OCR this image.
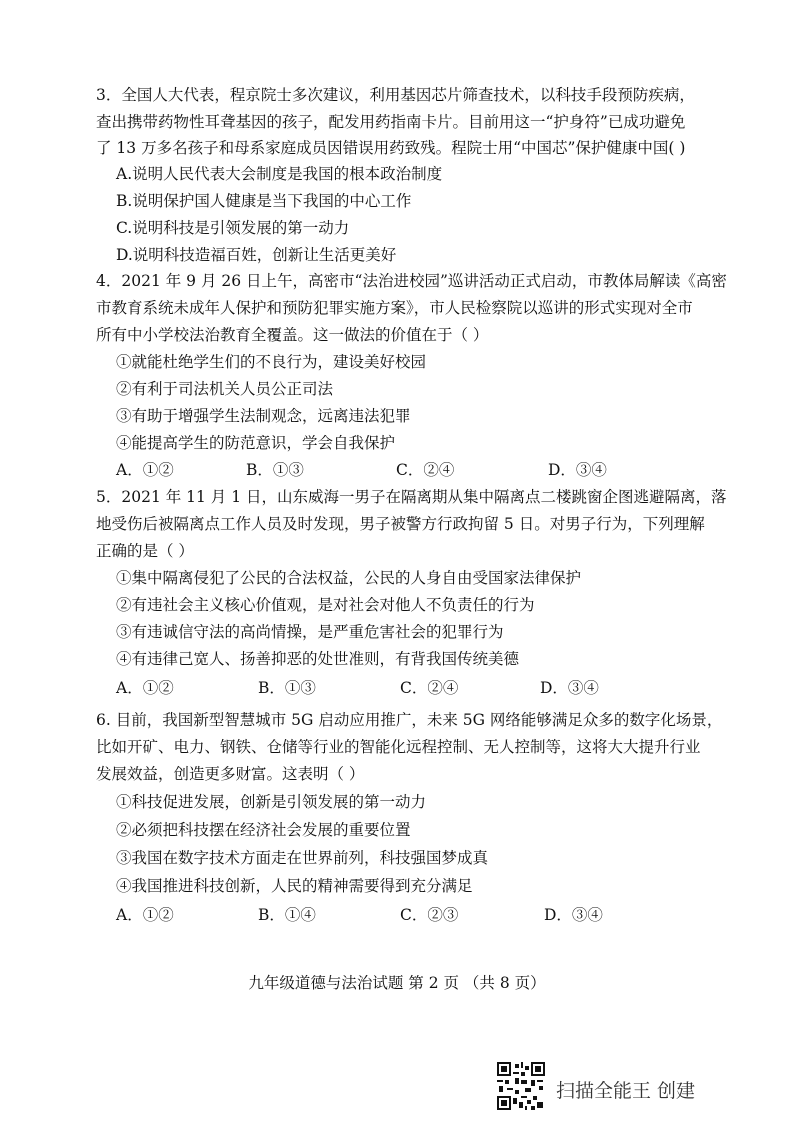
3．全国人大代表，程京院士多次建议，利用基因芯片筛查技术，以科技手段预防疾病，
查出携带药物性耳聋基因的孩子，配发用药指南卡片。目前用这一“护身符”已成功避免
了 13 万多名孩子和母系家庭成员因错误用药致残。程院士用“中国芯”保护健康中国( )
A.说明人民代表大会制度是我国的根本政治制度
B.说明保护国人健康是当下我国的中心工作
C.说明科技是引领发展的第一动力
D.说明科技造福百姓，创新让生活更美好
4．2021 年 9 月 26 日上午，高密市“法治进校园”巡讲活动正式启动，市教体局解读《高密
市教育系统未成年人保护和预防犯罪实施方案》，市人民检察院以巡讲的形式实现对全市
所有中小学校法治教育全覆盖。这一做法的价值在于（ ）
①就能杜绝学生们的不良行为，建设美好校园
②有利于司法机关人员公正司法
③有助于增强学生法制观念，远离违法犯罪
④能提高学生的防范意识，学会自我保护
A．①②	B．①③	C．②④	D．③④
5．2021 年 11 月 1 日，山东威海一男子在隔离期从集中隔离点二楼跳窗企图逃避隔离，落
地受伤后被隔离点工作人员及时发现，男子被警方行政拘留 5 日。对男子行为，下列理解
正确的是（ ）
①集中隔离侵犯了公民的合法权益，公民的人身自由受国家法律保护
②有违社会主义核心价值观，是对社会对他人不负责任的行为
③有违诚信守法的高尚情操，是严重危害社会的犯罪行为
④有违律己宽人、扬善抑恶的处世准则，有背我国传统美德
A．①②	B．①③	C．②④	D．③④
6. 目前，我国新型智慧城市 5G 启动应用推广，未来 5G 网络能够满足众多的数字化场景，
比如开矿、电力、钢铁、仓储等行业的智能化远程控制、无人控制等，这将大大提升行业
发展效益，创造更多财富。这表明（ ）
①科技促进发展，创新是引领发展的第一动力
②必须把科技摆在经济社会发展的重要位置
③我国在数字技术方面走在世界前列，科技强国梦成真
④我国推进科技创新，人民的精神需要得到充分满足
A．①②	B．①④	C．②③	D．③④
九年级道德与法治试题 第 2 页 （共 8 页）
扫描全能王 创建
